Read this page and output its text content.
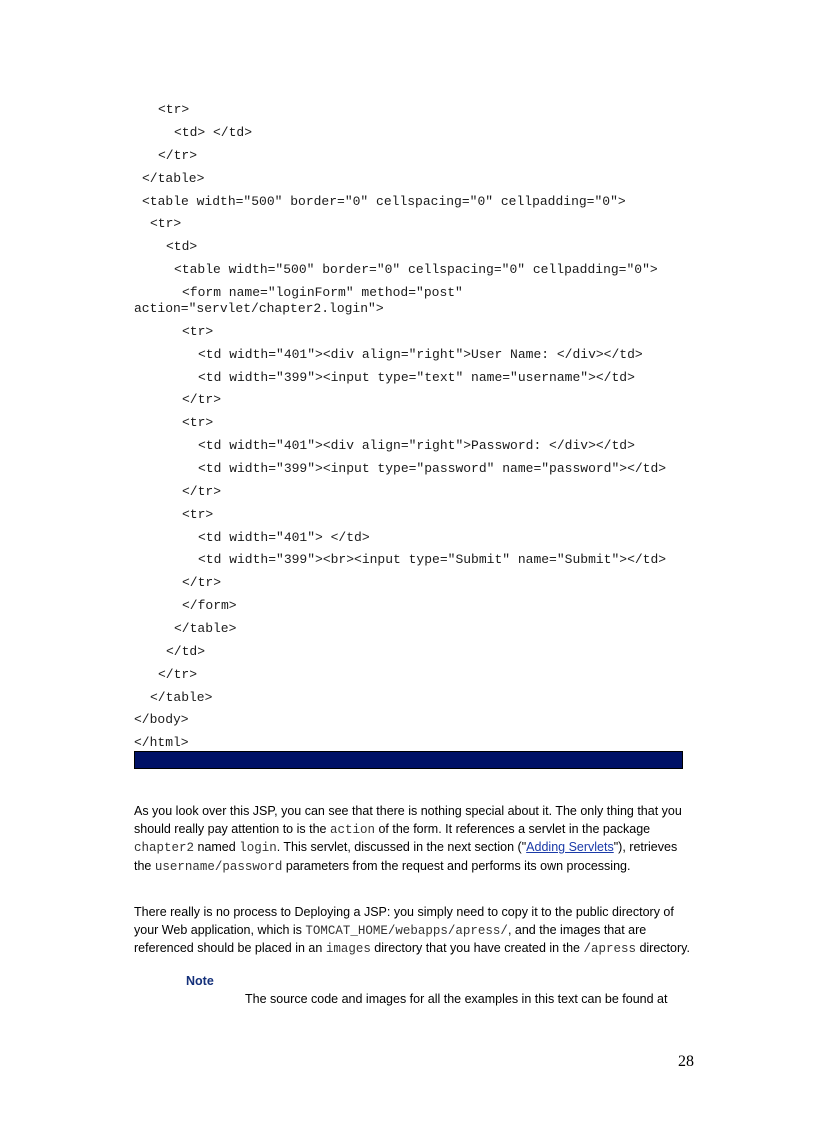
<tr>
<td> </td>
</tr>
</table>
<table width="500" border="0" cellspacing="0" cellpadding="0">
<tr>
<td>
<table width="500" border="0" cellspacing="0" cellpadding="0">
<form name="loginForm" method="post"
action="servlet/chapter2.login">
<tr>
<td width="401"><div align="right">User Name: </div></td>
<td width="399"><input type="text" name="username"></td>
</tr>
<tr>
<td width="401"><div align="right">Password: </div></td>
<td width="399"><input type="password" name="password"></td>
</tr>
<tr>
<td width="401"> </td>
<td width="399"><br><input type="Submit" name="Submit"></td>
</tr>
</form>
</table>
</td>
</tr>
</table>
</body>
</html>

As you look over this JSP, you can see that there is nothing special about it. The only thing that you should really pay attention to is the action of the form. It references a servlet in the package chapter2 named login. This servlet, discussed in the next section ("Adding Servlets"), retrieves the username/password parameters from the request and performs its own processing.

There really is no process to Deploying a JSP: you simply need to copy it to the public directory of your Web application, which is TOMCAT_HOME/webapps/apress/, and the images that are referenced should be placed in an images directory that you have created in the /apress directory.

Note
The source code and images for all the examples in this text can be found at
28
